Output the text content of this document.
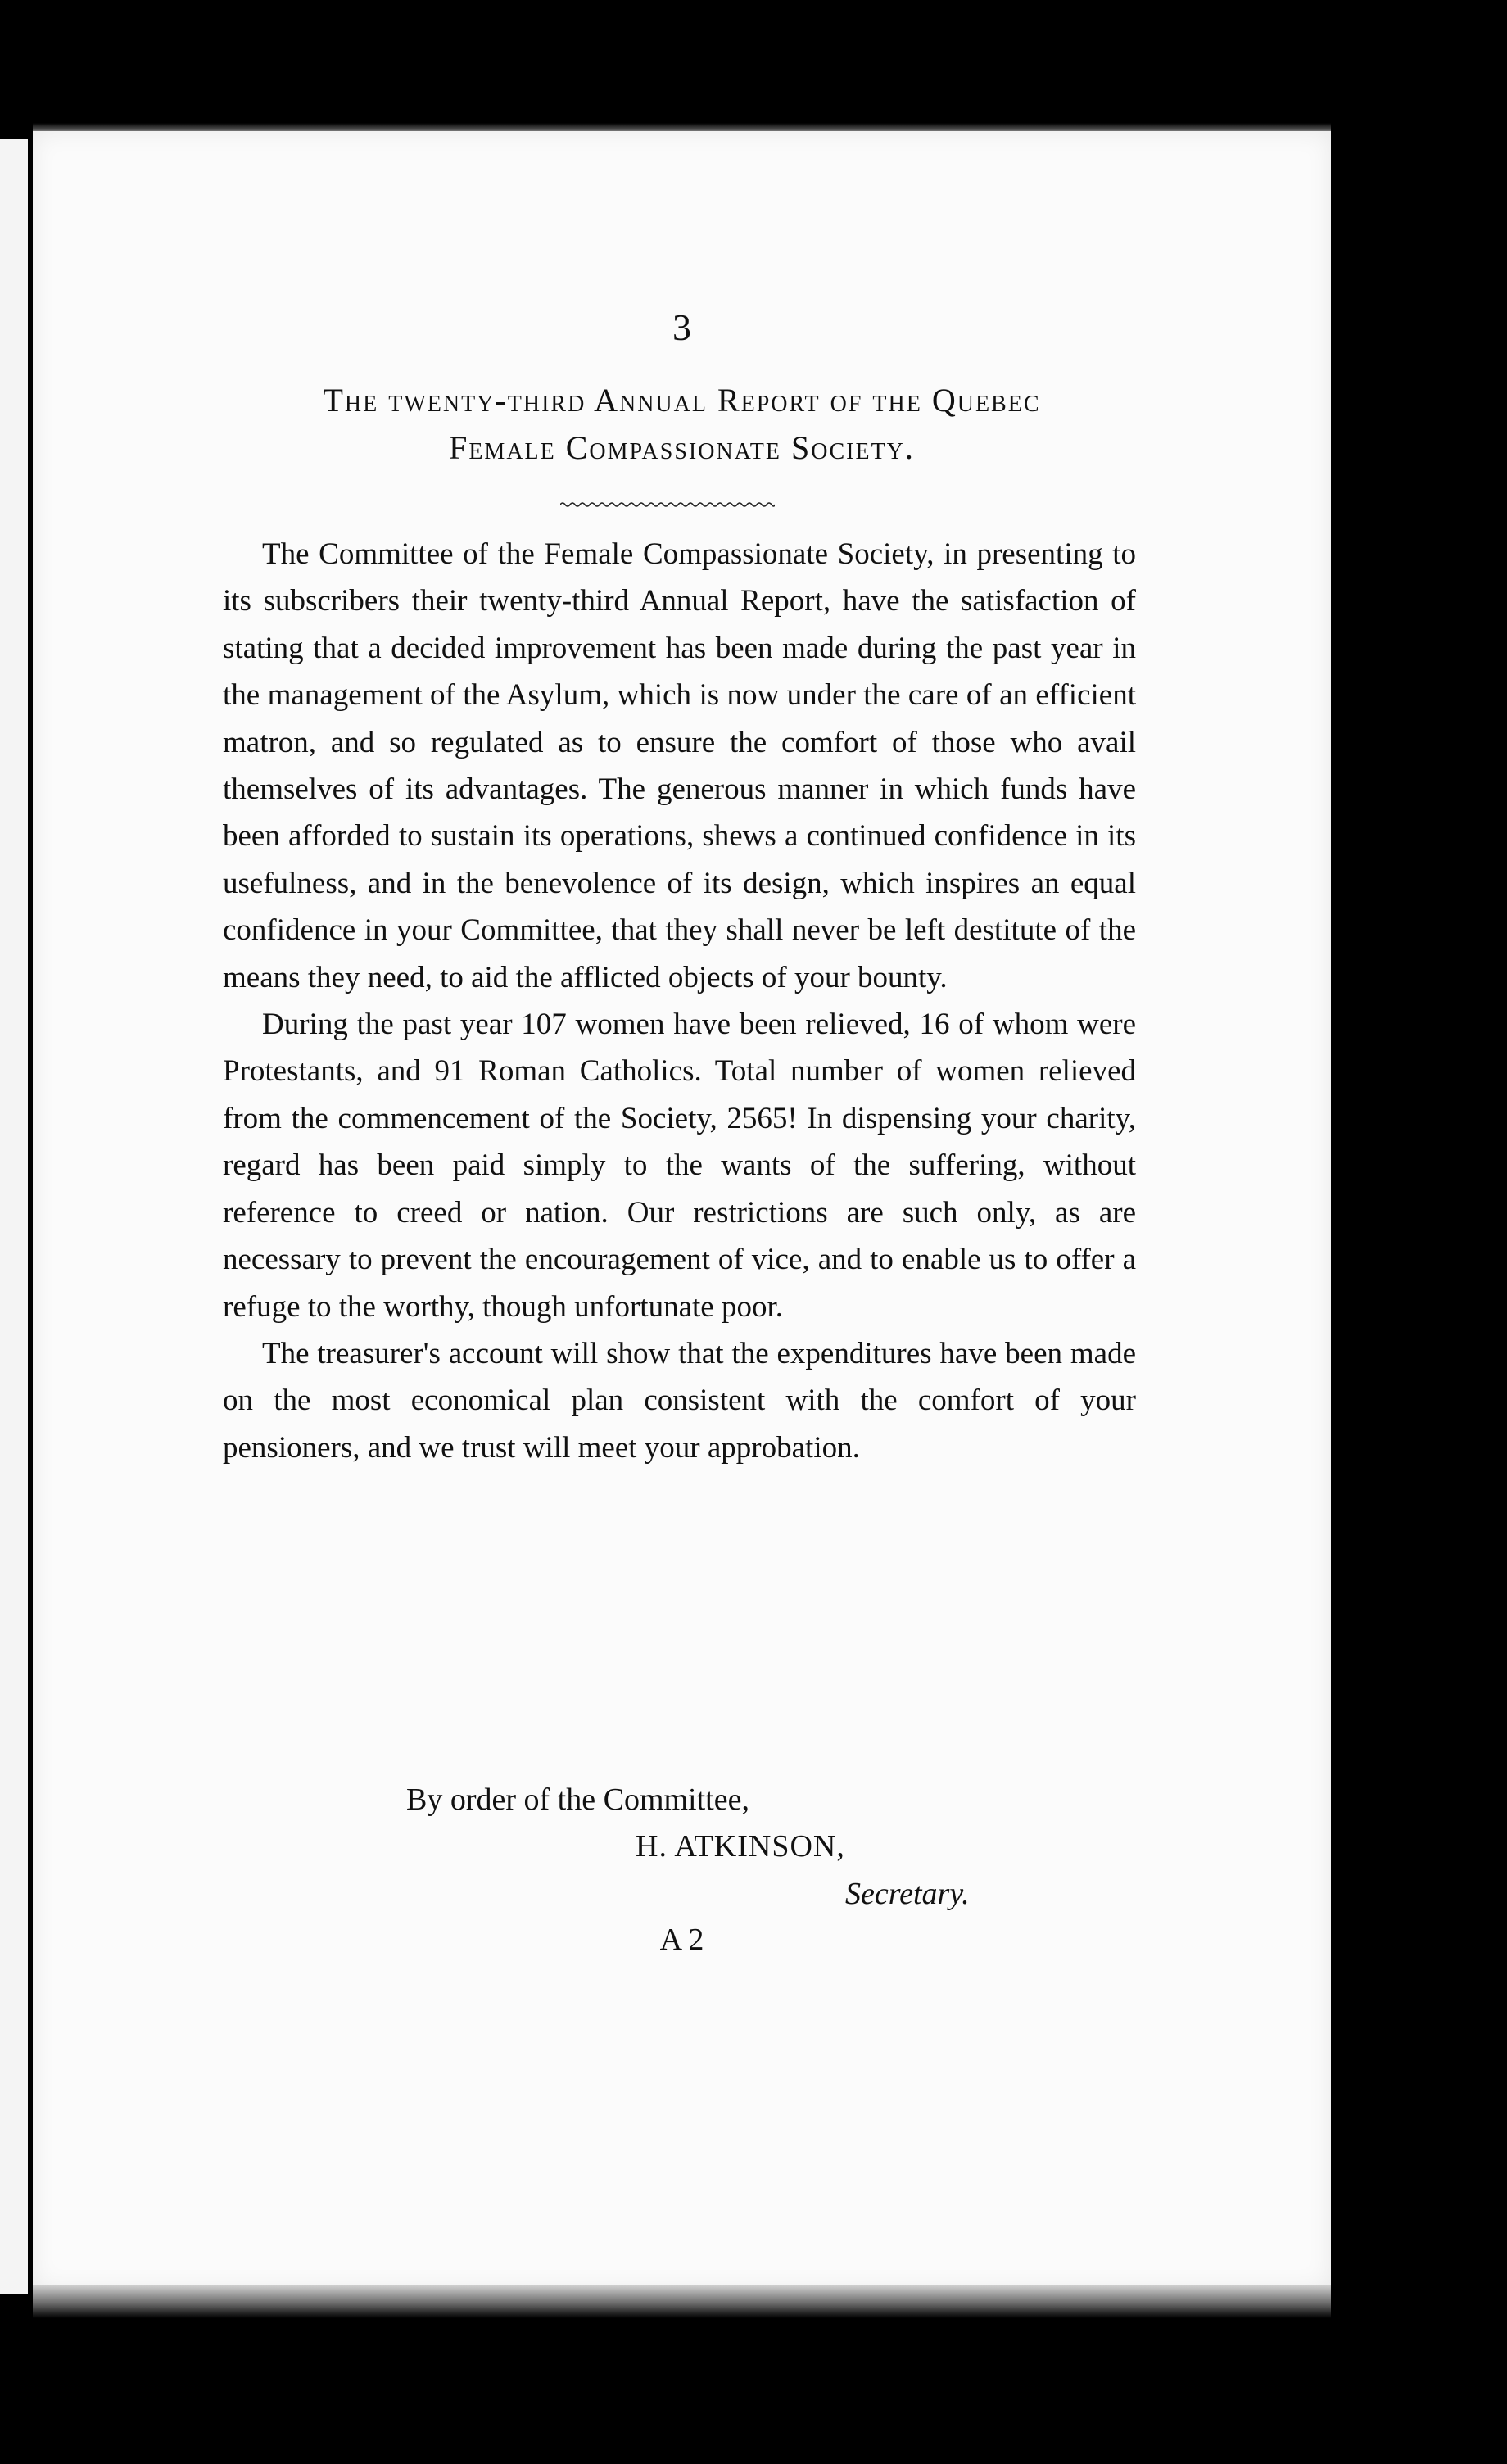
3
The twenty-third Annual Report of the Quebec
Female Compassionate Society.

The Committee of the Female Compassionate Society, in presenting to its subscribers their twenty-third Annual Report, have the satisfaction of stating that a decided improvement has been made during the past year in the management of the Asylum, which is now under the care of an efficient matron, and so regulated as to ensure the comfort of those who avail themselves of its advantages. The generous manner in which funds have been afforded to sustain its operations, shews a continued confidence in its usefulness, and in the benevolence of its design, which inspires an equal confidence in your Committee, that they shall never be left destitute of the means they need, to aid the afflicted objects of your bounty.

During the past year 107 women have been relieved, 16 of whom were Protestants, and 91 Roman Catholics. Total number of women relieved from the commencement of the Society, 2565! In dispensing your charity, regard has been paid simply to the wants of the suffering, without reference to creed or nation. Our restrictions are such only, as are necessary to prevent the encouragement of vice, and to enable us to offer a refuge to the worthy, though unfortunate poor.

The treasurer's account will show that the expenditures have been made on the most economical plan consistent with the comfort of your pensioners, and we trust will meet your approbation.

By order of the Committee,
H. ATKINSON,
Secretary.
A 2
